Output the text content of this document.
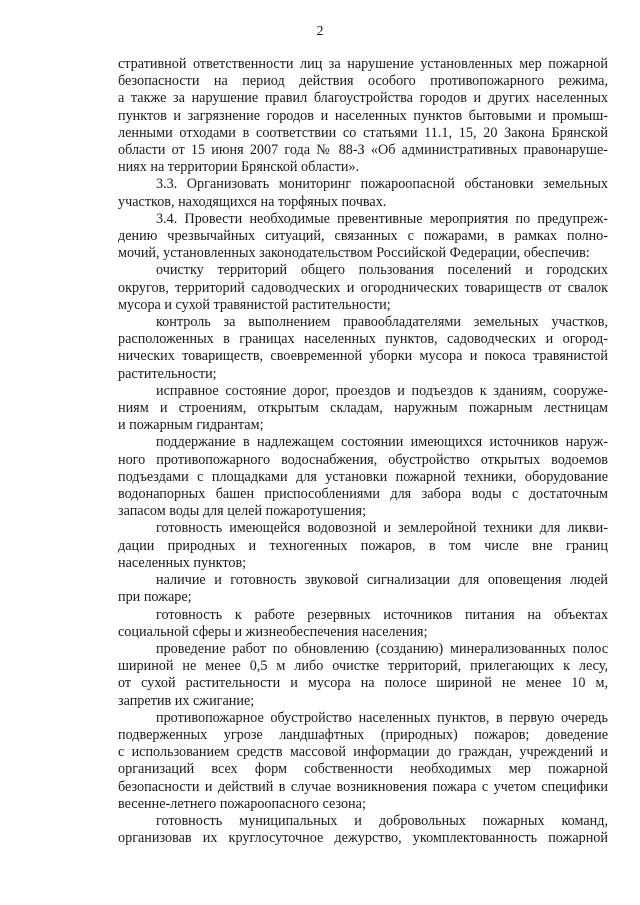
2

стративной ответственности лиц за нарушение установленных мер пожарной

безопасности на период действия особого противопожарного режима,

а также за нарушение правил благоустройства городов и других населенных

пунктов и загрязнение городов и населенных пунктов бытовыми и промыш-

ленными отходами в соответствии со статьями 11.1, 15, 20 Закона Брянской

области от 15 июня 2007 года № 88-З «Об административных правонаруше-

ниях на территории Брянской области».

3.3. Организовать мониторинг пожароопасной обстановки земельных

участков, находящихся на торфяных почвах.

3.4. Провести необходимые превентивные мероприятия по предупреж-

дению чрезвычайных ситуаций, связанных с пожарами, в рамках полно-

мочий, установленных законодательством Российской Федерации, обеспечив:

очистку территорий общего пользования поселений и городских

округов, территорий садоводческих и огороднических товариществ от свалок

мусора и сухой травянистой растительности;

контроль за выполнением правообладателями земельных участков,

расположенных в границах населенных пунктов, садоводческих и огород-

нических товариществ, своевременной уборки мусора и покоса травянистой

растительности;

исправное состояние дорог, проездов и подъездов к зданиям, сооруже-

ниям и строениям, открытым складам, наружным пожарным лестницам

и пожарным гидрантам;

поддержание в надлежащем состоянии имеющихся источников наруж-

ного противопожарного водоснабжения, обустройство открытых водоемов

подъездами с площадками для установки пожарной техники, оборудование

водонапорных башен приспособлениями для забора воды с достаточным

запасом воды для целей пожаротушения;

готовность имеющейся водовозной и землеройной техники для ликви-

дации природных и техногенных пожаров, в том числе вне границ

населенных пунктов;

наличие и готовность звуковой сигнализации для оповещения людей

при пожаре;

готовность к работе резервных источников питания на объектах

социальной сферы и жизнеобеспечения населения;

проведение работ по обновлению (созданию) минерализованных полос

шириной не менее 0,5 м либо очистке территорий, прилегающих к лесу,

от сухой растительности и мусора на полосе шириной не менее 10 м,

запретив их сжигание;

противопожарное обустройство населенных пунктов, в первую очередь

подверженных угрозе ландшафтных (природных) пожаров; доведение

с использованием средств массовой информации до граждан, учреждений и

организаций всех форм собственности необходимых мер пожарной

безопасности и действий в случае возникновения пожара с учетом специфики

весенне-летнего пожароопасного сезона;

готовность муниципальных и добровольных пожарных команд,

организовав их круглосуточное дежурство, укомплектованность пожарной
